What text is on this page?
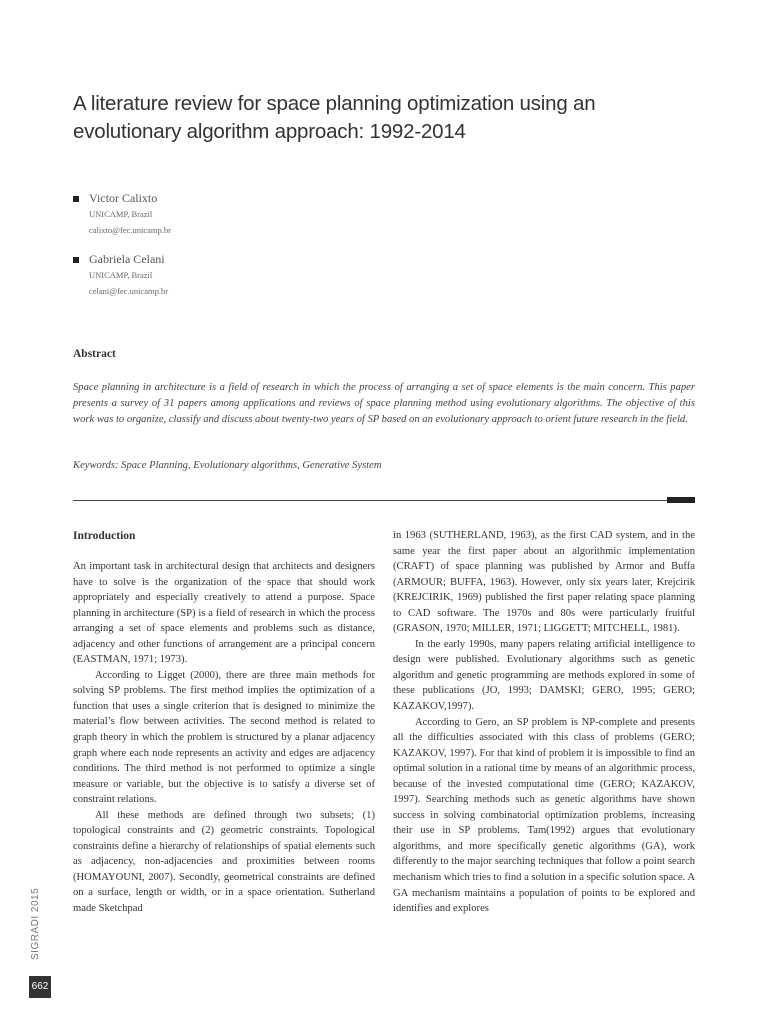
A literature review for space planning optimization using an evolutionary algorithm approach: 1992-2014
Victor Calixto
UNICAMP, Brazil
calixto@fec.unicamp.br
Gabriela Celani
UNICAMP, Brazil
celani@fec.unicamp.br
Abstract

Space planning in architecture is a field of research in which the process of arranging a set of space elements is the main concern. This paper presents a survey of 31 papers among applications and reviews of space planning method using evolutionary algorithms. The objective of this work was to organize, classify and discuss about twenty-two years of SP based on an evolutionary approach to orient future research in the field.

Keywords: Space Planning, Evolutionary algorithms, Generative System

Introduction

An important task in architectural design that architects and designers have to solve is the organization of the space that should work appropriately and especially creatively to attend a purpose. Space planning in architecture (SP) is a field of research in which the process arranging a set of space elements and problems such as distance, adjacency and other functions of arrangement are a principal concern (EASTMAN, 1971; 1973).

According to Ligget (2000), there are three main methods for solving SP problems. The first method implies the optimization of a function that uses a single criterion that is designed to minimize the material’s flow between activities. The second method is related to graph theory in which the problem is structured by a planar adjacency graph where each node represents an activity and edges are adjacency conditions. The third method is not performed to optimize a single measure or variable, but the objective is to satisfy a diverse set of constraint relations.

All these methods are defined through two subsets; (1) topological constraints and (2) geometric constraints. Topological constraints define a hierarchy of relationships of spatial elements such as adjacency, non-adjacencies and proximities between rooms (HOMAYOUNI, 2007). Secondly, geometrical constraints are defined on a surface, length or width, or in a space orientation. Sutherland made Sketchpad

in 1963 (SUTHERLAND, 1963), as the first CAD system, and in the same year the first paper about an algorithmic implementation (CRAFT) of space planning was published by Armor and Buffa (ARMOUR; BUFFA, 1963). However, only six years later, Krejcirik (KREJCIRIK, 1969) published the first paper relating space planning to CAD software. The 1970s and 80s were particularly fruitful (GRASON, 1970; MILLER, 1971; LIGGETT; MITCHELL, 1981).

In the early 1990s, many papers relating artificial intelligence to design were published. Evolutionary algorithms such as genetic algorithm and genetic programming are methods explored in some of these publications (JO, 1993; DAMSKI; GERO, 1995; GERO; KAZAKOV,1997).

According to Gero, an SP problem is NP-complete and presents all the difficulties associated with this class of problems (GERO; KAZAKOV, 1997). For that kind of problem it is impossible to find an optimal solution in a rational time by means of an algorithmic process, because of the invested computational time (GERO; KAZAKOV, 1997). Searching methods such as genetic algorithms have shown success in solving combinatorial optimization problems, increasing their use in SP problems. Tam(1992) argues that evolutionary algorithms, and more specifically genetic algorithms (GA), work differently to the major searching techniques that follow a point search mechanism which tries to find a solution in a specific solution space. A GA mechanism maintains a population of points to be explored and identifies and explores

SIGRADI 2015
662
